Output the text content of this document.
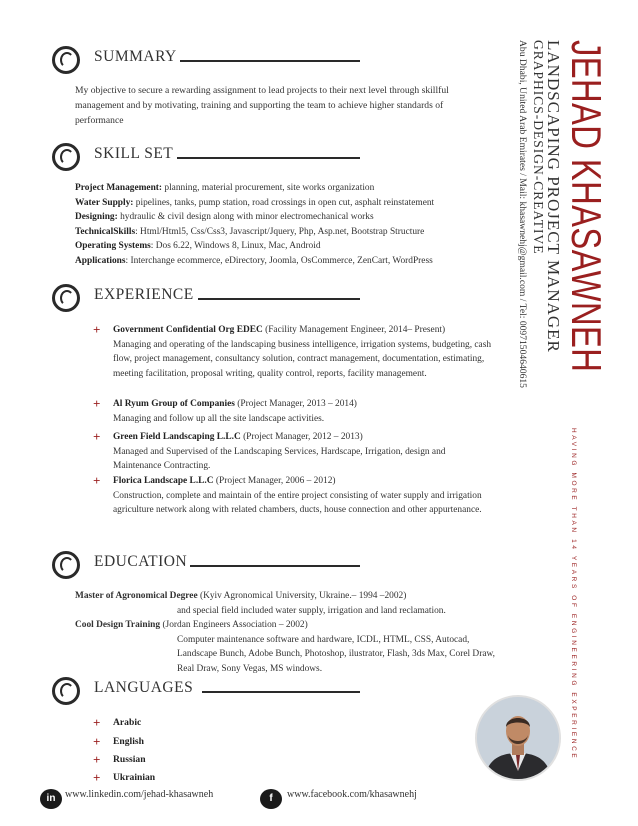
SUMMARY
My objective to secure a rewarding assignment to lead projects to their next level through skillful management and by motivating, training and supporting the team to achieve higher standards of performance
SKILL SET
Project Management: planning, material procurement, site works organization
Water Supply: pipelines, tanks, pump station, road crossings in open cut, asphalt reinstatement
Designing: hydraulic & civil design along with minor electromechanical works
TechnicalSkills: Html/Html5, Css/Css3, Javascript/Jquery, Php, Asp.net, Bootstrap Structure
Operating Systems: Dos 6.22, Windows 8, Linux, Mac, Android
Applications: Interchange ecommerce, eDirectory, Joomla, OsCommerce, ZenCart, WordPress
EXPERIENCE
+ Government Confidential Org EDEC (Facility Management Engineer, 2014– Present)
Managing and operating of the landscaping business intelligence, irrigation systems, budgeting, cash flow, project management, consultancy solution, contract management, documentation, estimating, meeting facilitation, proposal writing, quality control, reports, facility management.
+ Al Ryum Group of Companies (Project Manager, 2013 – 2014)
Managing and follow up all the site landscape activities.
+ Green Field Landscaping L.L.C (Project Manager, 2012 – 2013)
Managed and Supervised of the Landscaping Services, Hardscape, Irrigation, design and Maintenance Contracting.
+ Florica Landscape L.L.C (Project Manager, 2006 – 2012)
Construction, complete and maintain of the entire project consisting of water supply and irrigation agriculture network along with related chambers, ducts, house connection and other appurtenance.
EDUCATION
Master of Agronomical Degree (Kyiv Agronomical University, Ukraine.– 1994 –2002)
and special field included water supply, irrigation and land reclamation.
Cool Design Training (Jordan Engineers Association – 2002)
Computer maintenance software and hardware, ICDL, HTML, CSS, Autocad, Landscape Bunch, Adobe Bunch, Photoshop, ilustrator, Flash, 3ds Max, Corel Draw, Real Draw, Sony Vegas, MS windows.
LANGUAGES
+ Arabic
+ English
+ Russian
+ Ukrainian
JEHAD KHASAWNEH
HAVING MORE THAN 14 YEARS OF ENGINEERING EXPERIENCE
LANDSCAPING PROJECT MANAGER
GRAPHICS-DESIGN-CREATIVE
Abu Dhabi, United Arab Emirates / Mail: khasawnehj@gmail.com / Tel: 00971504640615
in www.linkedin.com/jehad-khasawneh	f	www.facebook.com/khasawnehj
